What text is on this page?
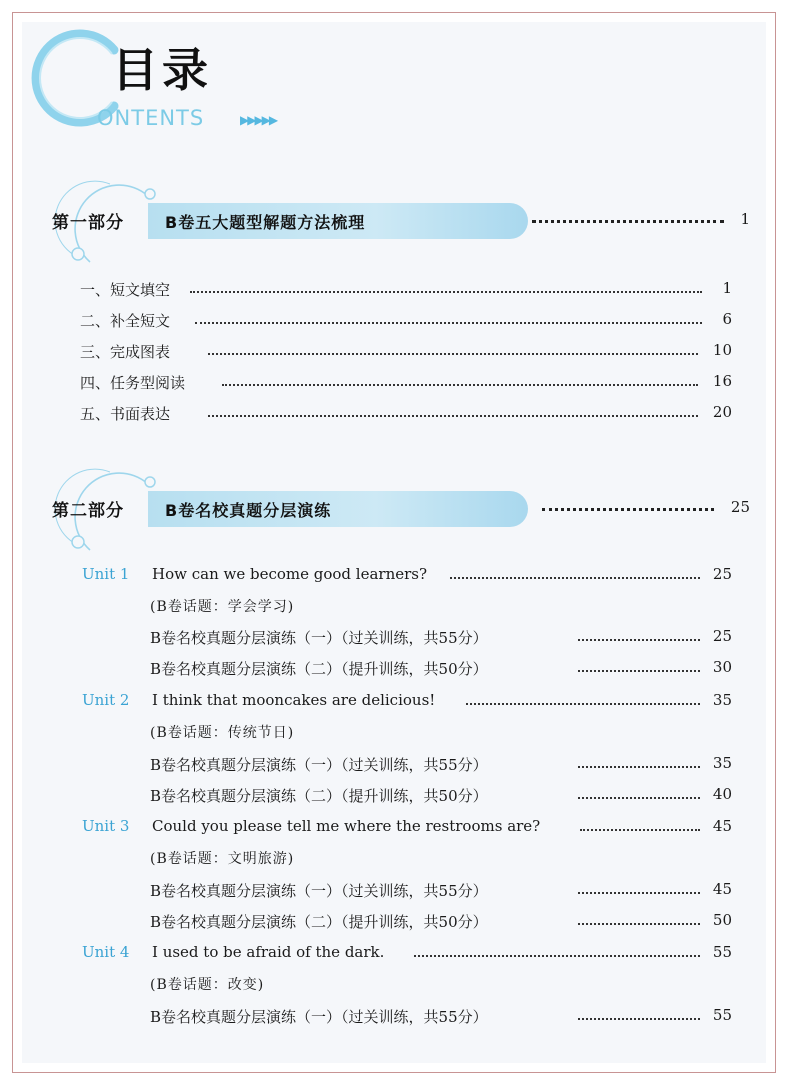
目录
ONTENTS	▶▶▶▶▶
第一部分	B卷五大题型解题方法梳理	1
一、短文填空	1
二、补全短文	6
三、完成图表	10
四、任务型阅读	16
五、书面表达	20
第二部分	B卷名校真题分层演练	25
Unit 1 How can we become good learners?	25
(B卷话题：学会学习)
B卷名校真题分层演练（一）（过关训练，共55分）	25
B卷名校真题分层演练（二）（提升训练，共50分）	30
Unit 2 I think that mooncakes are delicious!	35
(B卷话题：传统节日)
B卷名校真题分层演练（一）（过关训练，共55分）	35
B卷名校真题分层演练（二）（提升训练，共50分）	40
Unit 3 Could you please tell me where the restrooms are?	45
(B卷话题：文明旅游)
B卷名校真题分层演练（一）（过关训练，共55分）	45
B卷名校真题分层演练（二）（提升训练，共50分）	50
Unit 4 I used to be afraid of the dark.	55
(B卷话题：改变)
B卷名校真题分层演练（一）（过关训练，共55分）	55
